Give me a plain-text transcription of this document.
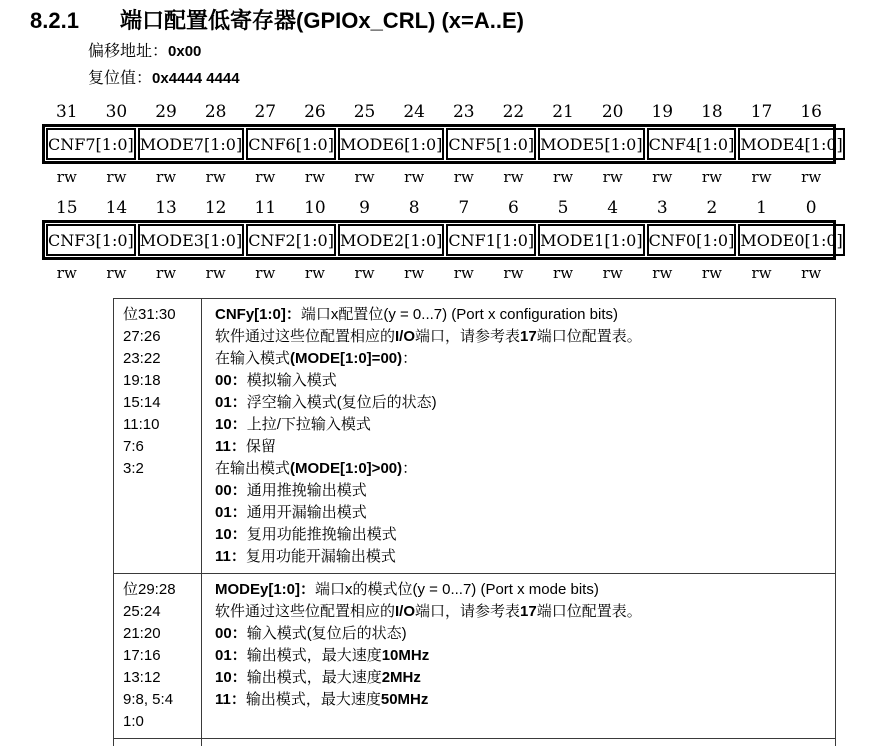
8.2.1	端口配置低寄存器(GPIOx_CRL) (x=A..E)
偏移地址：0x00
复位值：0x4444 4444
31	30	29	28	27	26	25	24	23	22	21	20	19	18	17	16
CNF7[1:0] MODE7[1:0] CNF6[1:0] MODE6[1:0] CNF5[1:0] MODE5[1:0] CNF4[1:0] MODE4[1:0]
rw	rw	rw	rw	rw	rw	rw	rw	rw	rw	rw	rw	rw	rw	rw	rw
15	14	13	12	11	10	9	8	7	6	5	4	3	2	1	0
CNF3[1:0] MODE3[1:0] CNF2[1:0] MODE2[1:0] CNF1[1:0] MODE1[1:0] CNF0[1:0] MODE0[1:0]
rw	rw	rw	rw	rw	rw	rw	rw	rw	rw	rw	rw	rw	rw	rw	rw
位31:30
27:26
23:22
19:18
15:14
11:10
7:6
3:2
CNFy[1:0]：端口x配置位(y = 0...7) (Port x configuration bits)
软件通过这些位配置相应的I/O端口，请参考表17端口位配置表。
在输入模式(MODE[1:0]=00)：
00：模拟输入模式
01：浮空输入模式(复位后的状态)
10：上拉/下拉输入模式
11：保留
在输出模式(MODE[1:0]>00)：
00：通用推挽输出模式
01：通用开漏输出模式
10：复用功能推挽输出模式
11：复用功能开漏输出模式
位29:28
25:24
21:20
17:16
13:12
9:8, 5:4
1:0
MODEy[1:0]：端口x的模式位(y = 0...7) (Port x mode bits)
软件通过这些位配置相应的I/O端口，请参考表17端口位配置表。
00：输入模式(复位后的状态)
01：输出模式，最大速度10MHz
10：输出模式，最大速度2MHz
11：输出模式，最大速度50MHz
